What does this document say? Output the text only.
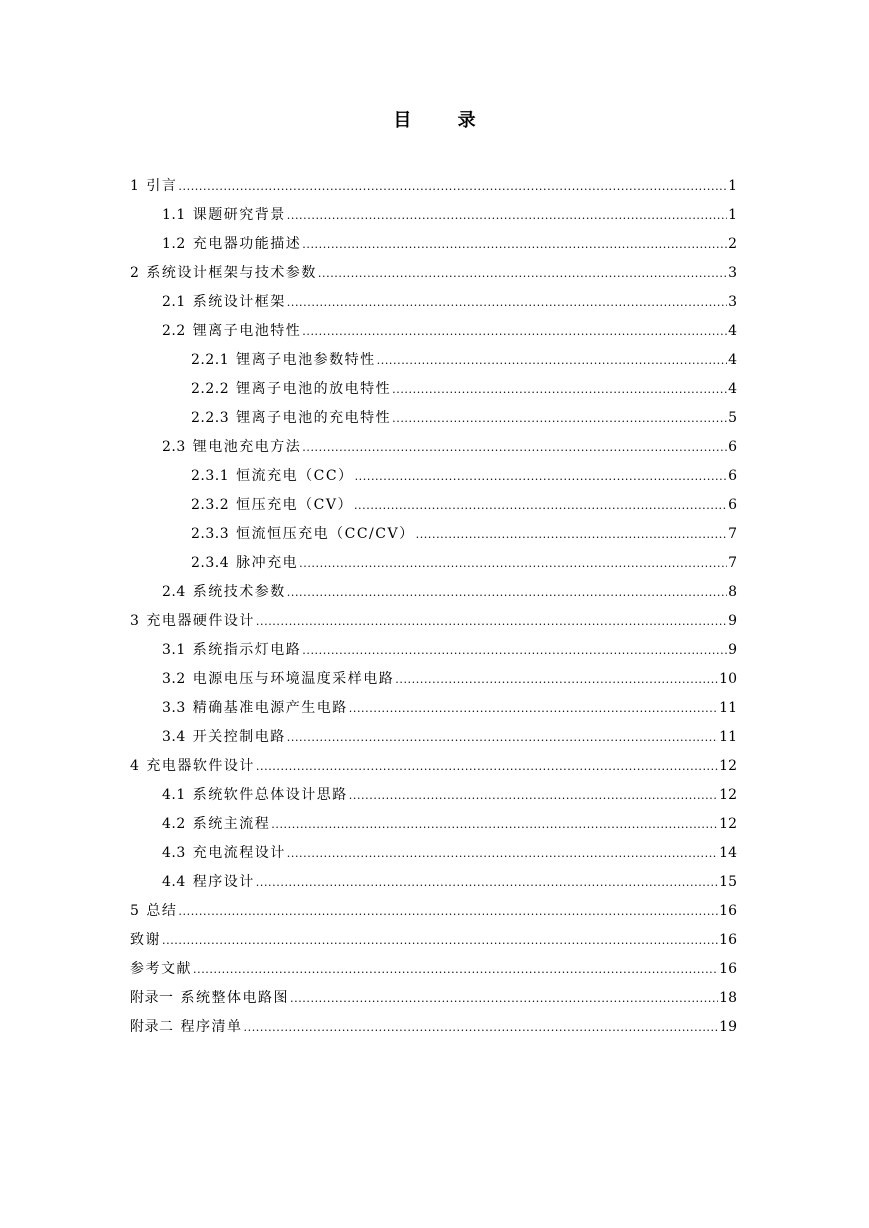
目 录
1 引言 .....	1
1.1 课题研究背景 .....	1
1.2 充电器功能描述 .....	2
2 系统设计框架与技术参数 .....	3
2.1 系统设计框架 .....	3
2.2 锂离子电池特性 .....	4
2.2.1 锂离子电池参数特性 .....	4
2.2.2 锂离子电池的放电特性 .....	4
2.2.3 锂离子电池的充电特性 .....	5
2.3 锂电池充电方法 .....	6
2.3.1 恒流充电（CC） .....	6
2.3.2 恒压充电（CV） .....	6
2.3.3 恒流恒压充电（CC/CV） .....	7
2.3.4 脉冲充电 .....	7
2.4 系统技术参数 .....	8
3 充电器硬件设计 .....	9
3.1 系统指示灯电路 .....	9
3.2 电源电压与环境温度采样电路 .....	10
3.3 精确基准电源产生电路 .....	11
3.4 开关控制电路 .....	11
4 充电器软件设计 .....	12
4.1 系统软件总体设计思路 .....	12
4.2 系统主流程 .....	12
4.3 充电流程设计 .....	14
4.4 程序设计 .....	15
5 总结 .....	16
致谢 .....	16
参考文献 .....	16
附录一 系统整体电路图 .....	18
附录二 程序清单 .....	19
